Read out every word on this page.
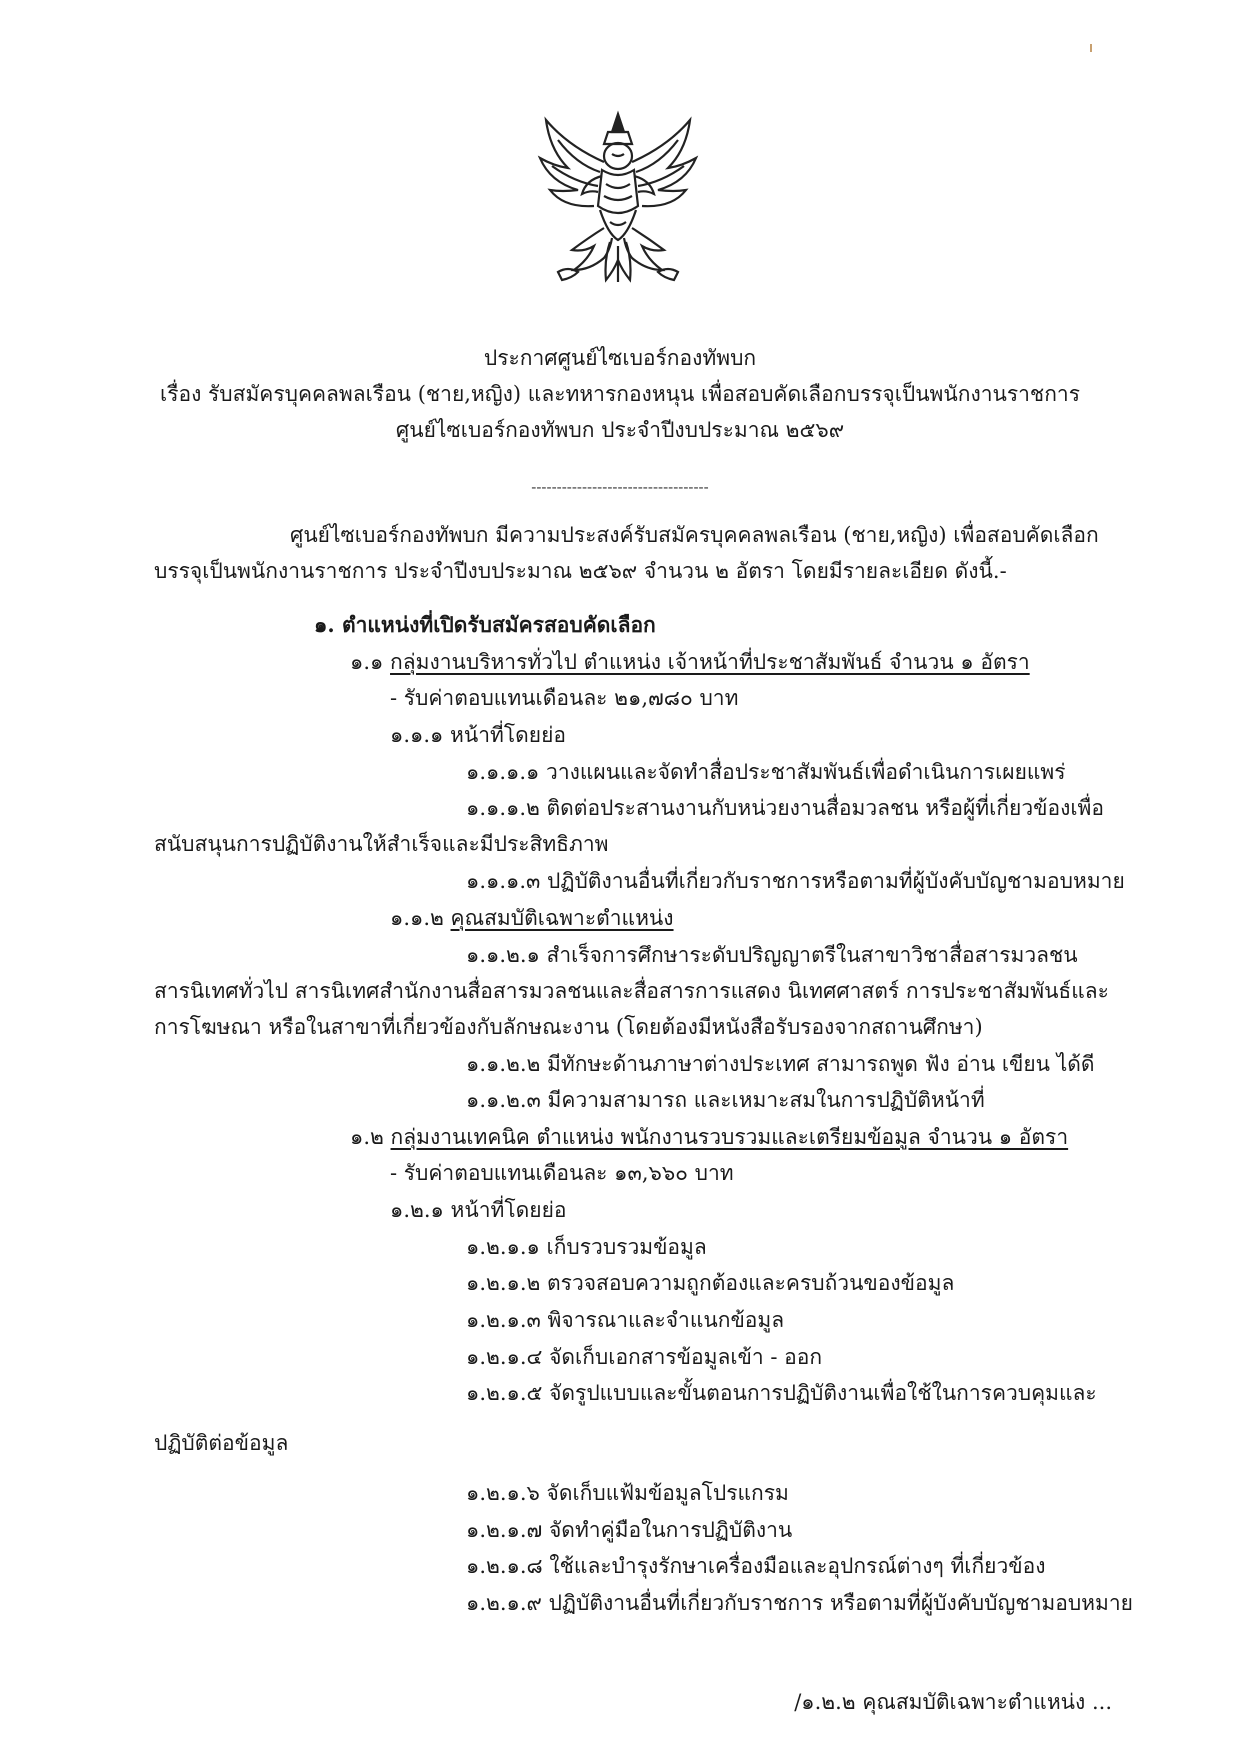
ประกาศศูนย์ไซเบอร์กองทัพบก
เรื่อง รับสมัครบุคคลพลเรือน (ชาย,หญิง) และทหารกองหนุน เพื่อสอบคัดเลือกบรรจุเป็นพนักงานราชการ
ศูนย์ไซเบอร์กองทัพบก ประจำปีงบประมาณ ๒๕๖๙
-----------------------------------
ศูนย์ไซเบอร์กองทัพบก มีความประสงค์รับสมัครบุคคลพลเรือน (ชาย,หญิง) เพื่อสอบคัดเลือก
บรรจุเป็นพนักงานราชการ ประจำปีงบประมาณ ๒๕๖๙ จำนวน ๒ อัตรา โดยมีรายละเอียด ดังนี้.-
๑. ตำแหน่งที่เปิดรับสมัครสอบคัดเลือก
๑.๑ กลุ่มงานบริหารทั่วไป ตำแหน่ง เจ้าหน้าที่ประชาสัมพันธ์ จำนวน ๑ อัตรา
- รับค่าตอบแทนเดือนละ ๒๑,๗๘๐ บาท
๑.๑.๑ หน้าที่โดยย่อ
๑.๑.๑.๑ วางแผนและจัดทำสื่อประชาสัมพันธ์เพื่อดำเนินการเผยแพร่
๑.๑.๑.๒ ติดต่อประสานงานกับหน่วยงานสื่อมวลชน หรือผู้ที่เกี่ยวข้องเพื่อ
สนับสนุนการปฏิบัติงานให้สำเร็จและมีประสิทธิภาพ
๑.๑.๑.๓ ปฏิบัติงานอื่นที่เกี่ยวกับราชการหรือตามที่ผู้บังคับบัญชามอบหมาย
๑.๑.๒ คุณสมบัติเฉพาะตำแหน่ง
๑.๑.๒.๑ สำเร็จการศึกษาระดับปริญญาตรีในสาขาวิชาสื่อสารมวลชน
สารนิเทศทั่วไป สารนิเทศสำนักงานสื่อสารมวลชนและสื่อสารการแสดง นิเทศศาสตร์ การประชาสัมพันธ์และ
การโฆษณา หรือในสาขาที่เกี่ยวข้องกับลักษณะงาน (โดยต้องมีหนังสือรับรองจากสถานศึกษา)
๑.๑.๒.๒ มีทักษะด้านภาษาต่างประเทศ สามารถพูด ฟัง อ่าน เขียน ได้ดี
๑.๑.๒.๓ มีความสามารถ และเหมาะสมในการปฏิบัติหน้าที่
๑.๒ กลุ่มงานเทคนิค ตำแหน่ง พนักงานรวบรวมและเตรียมข้อมูล จำนวน ๑ อัตรา
- รับค่าตอบแทนเดือนละ ๑๓,๖๖๐ บาท
๑.๒.๑ หน้าที่โดยย่อ
๑.๒.๑.๑ เก็บรวบรวมข้อมูล
๑.๒.๑.๒ ตรวจสอบความถูกต้องและครบถ้วนของข้อมูล
๑.๒.๑.๓ พิจารณาและจำแนกข้อมูล
๑.๒.๑.๔ จัดเก็บเอกสารข้อมูลเข้า - ออก
๑.๒.๑.๕ จัดรูปแบบและขั้นตอนการปฏิบัติงานเพื่อใช้ในการควบคุมและ
ปฏิบัติต่อข้อมูล
๑.๒.๑.๖ จัดเก็บแฟ้มข้อมูลโปรแกรม
๑.๒.๑.๗ จัดทำคู่มือในการปฏิบัติงาน
๑.๒.๑.๘ ใช้และบำรุงรักษาเครื่องมือและอุปกรณ์ต่างๆ ที่เกี่ยวข้อง
๑.๒.๑.๙ ปฏิบัติงานอื่นที่เกี่ยวกับราชการ หรือตามที่ผู้บังคับบัญชามอบหมาย
/๑.๒.๒ คุณสมบัติเฉพาะตำแหน่ง ...
